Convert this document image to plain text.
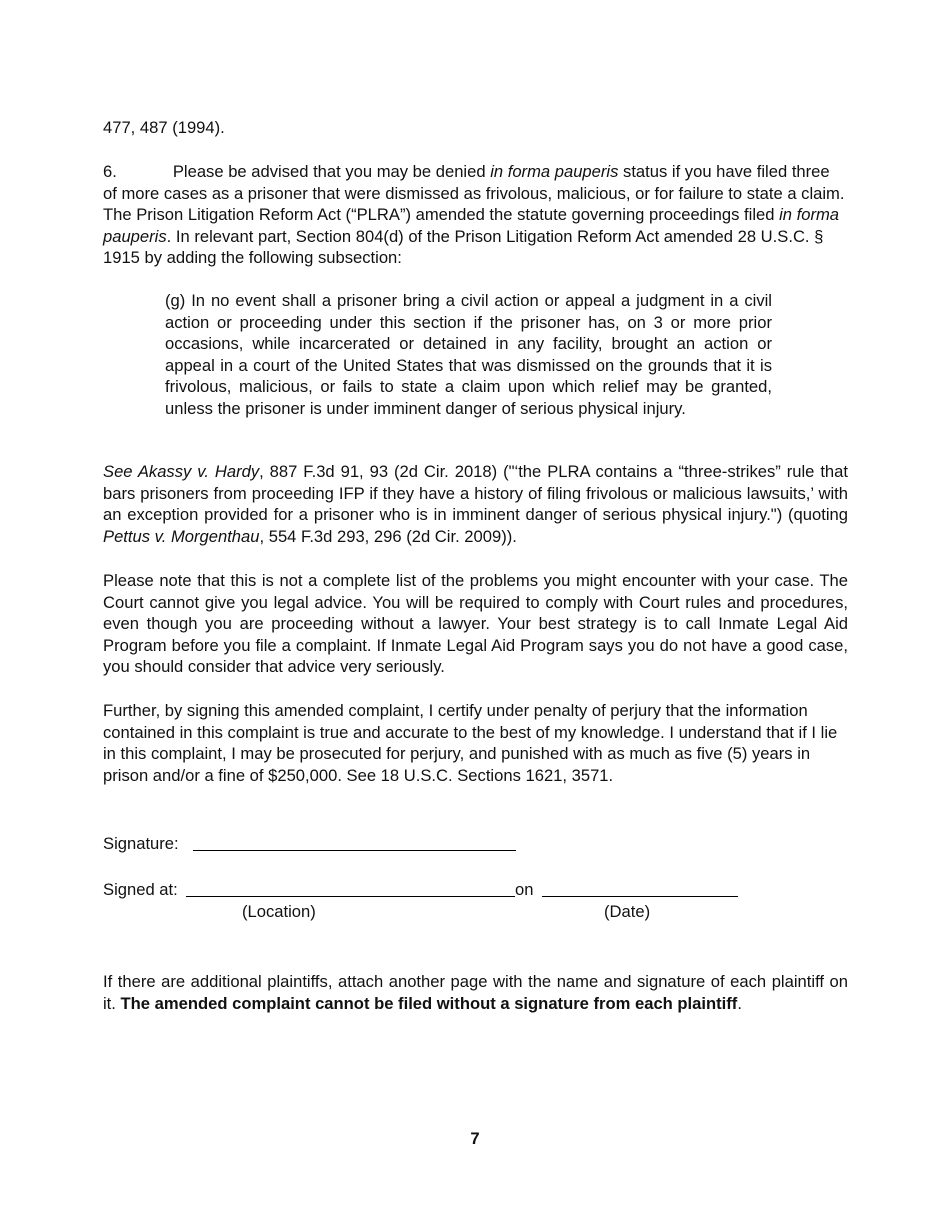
477, 487 (1994).

6.	Please be advised that you may be denied in forma pauperis status if you have filed three of more cases as a prisoner that were dismissed as frivolous, malicious, or for failure to state a claim. The Prison Litigation Reform Act (“PLRA”) amended the statute governing proceedings filed in forma pauperis. In relevant part, Section 804(d) of the Prison Litigation Reform Act amended 28 U.S.C. § 1915 by adding the following subsection:

(g) In no event shall a prisoner bring a civil action or appeal a judgment in a civil action or proceeding under this section if the prisoner has, on 3 or more prior occasions, while incarcerated or detained in any facility, brought an action or appeal in a court of the United States that was dismissed on the grounds that it is frivolous, malicious, or fails to state a claim upon which relief may be granted, unless the prisoner is under imminent danger of serious physical injury.

See Akassy v. Hardy, 887 F.3d 91, 93 (2d Cir. 2018) ("‘the PLRA contains a “three-strikes” rule that bars prisoners from proceeding IFP if they have a history of filing frivolous or malicious lawsuits,’ with an exception provided for a prisoner who is in imminent danger of serious physical injury.") (quoting Pettus v. Morgenthau, 554 F.3d 293, 296 (2d Cir. 2009)).

Please note that this is not a complete list of the problems you might encounter with your case. The Court cannot give you legal advice. You will be required to comply with Court rules and procedures, even though you are proceeding without a lawyer. Your best strategy is to call Inmate Legal Aid Program before you file a complaint. If Inmate Legal Aid Program says you do not have a good case, you should consider that advice very seriously.

Further, by signing this amended complaint, I certify under penalty of perjury that the information contained in this complaint is true and accurate to the best of my knowledge. I understand that if I lie in this complaint, I may be prosecuted for perjury, and punished with as much as five (5) years in prison and/or a fine of $250,000. See 18 U.S.C. Sections 1621, 3571.

Signature:
Signed at:	on
(Location)	(Date)

If there are additional plaintiffs, attach another page with the name and signature of each plaintiff on it. The amended complaint cannot be filed without a signature from each plaintiff.

7
